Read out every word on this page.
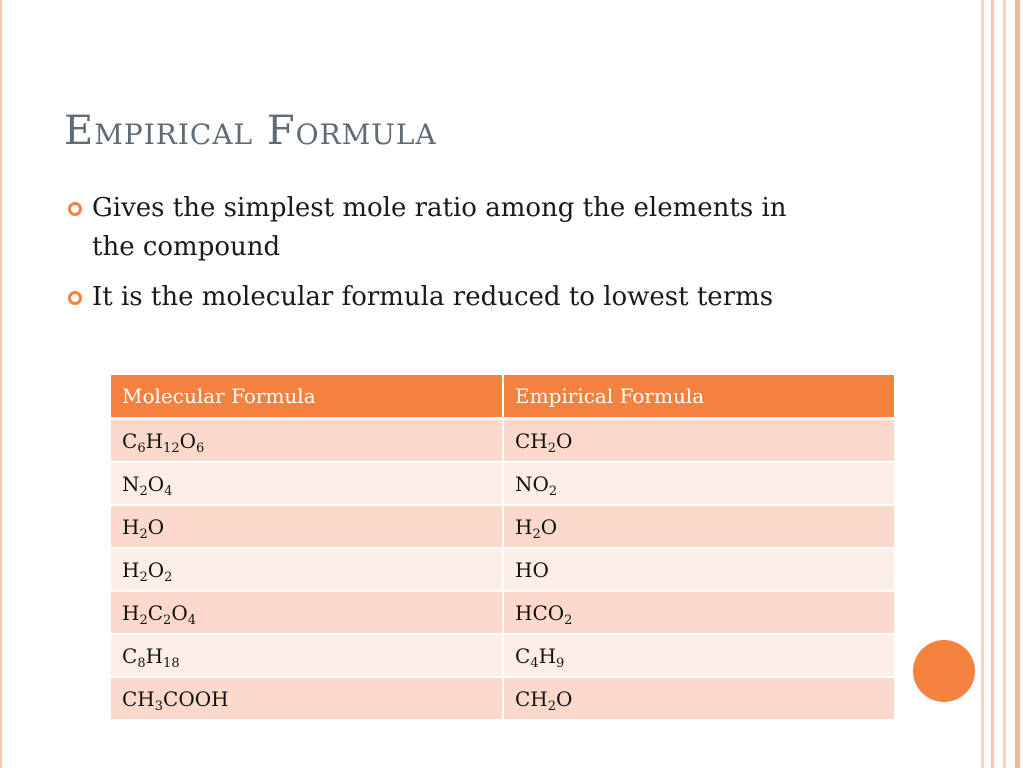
Empirical Formula
Gives the simplest mole ratio among the elements in the compound
It is the molecular formula reduced to lowest terms
Molecular Formula	Empirical Formula
$C_6H_{12}O_6$	$CH_2O$
$N_2O_4$	$NO_2$
$H_2O$	$H_2O$
$H_2O_2$	HO
$H_2C_2O_4$	$HCO_2$
$C_8H_{18}$	$C_4H_9$
$CH_3COOH$	$CH_2O$
